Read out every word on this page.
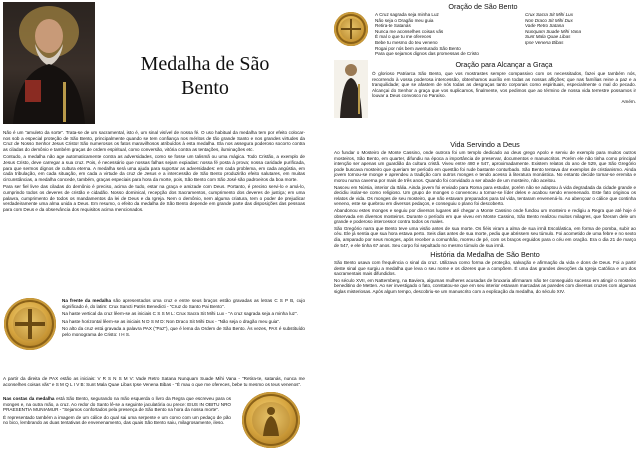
Medalha de São
Bento

Não é um "amuleto da sorte". Trata-se de um sacramental, isto é, um sinal visível de nossa fé. O uso habitual da medalha tem por efeito colocar-nos sob a especial proteção de São Bento, principalmente quando se tem confiança nos méritos de tão grande Santo e nos grandes virtudes da Cruz de Nosso Senhor Jesus Cristo! São numerosos os fatos maravilhosos atribuídos à esta medalha. Ela nos assegura poderoso socorro contra as ciladas do demônio e também graças de ordem espiritual, como conversão, vitória contra as tentações, iluminações etc.

Contudo, a medalha não age automaticamente contra as adversidades, como se fosse um talismã ou uma mágica. Todo Cristão, a exemplo de Jesus Cristo, deve carregar a sua cruz. Pois, é necessário que nossas falhas sejam expiadas: nossa fé posta à prova; nossa caridade purificada, para que sermos dignos de cultura eterna. A medalha será uma ajuda para suportar as adversidades: em cada problema, em cada angústia, em cada tribulação, em cada situação, em cada a virtude da cruz de Jesus e a intercessão de São Bento produzirão efeito salutares, em muitas circunstâncias, a medalha concede, também, graças especiais para hora da morte, pois, São Bento com São José são padroeiros da boa morte.

Para ser fiel livre das ciladas do demônio é preciso, acima de tudo, estar na graça e amizade com Deus. Portanto, é preciso servi-lo e amá-lo, cumprindo todos os deveres de cristão e cidadão. Nosso dominical, recepção dos Sacramentos, cumprimento dos deveres de justiça; em uma palavra, cumprimento de todos os mandamentos da lei de Deus e da Igreja. Nem o demônio, nem alguma criatura, tem o poder de prejudicar verdadeiramente uma alma unida a Deus. Em resumo, o efeito da medalha de São Bento depende em grande parte das disposições das pessoas para com Deus e da observância dos requisitos acima mencionados.

Na frente da medalha são apresentados uma cruz e entre seus braços estão gravadas as letras C S P B, cujo significado é, do latim: Crux Sancti Patris Benedicti - "Cruz do Santo Pai Bento".

Na haste vertical da cruz lêem-se as iniciais C S S M L: Crux Sacra Sit Mihi Lux - "A cruz sagrada seja a minha luz".

Na haste horizontal lêem-se as iniciais N D S M D: Non Draco Sit Mihi Dux - "Não seja o dragão meu guia".

No alto da cruz está gravada a palavra PAX ("Paz"), que é lema da Ordem de São Bento. Às vezes, PAX é substituído pelo monograma de Cristo: I H S.

A partir da direita de PAX estão as iniciais: V R S N S M V: Vade Retro Satana Nunquam Suade Mihi Vana - "Retira-te, satanás, nunca me aconselhes coisas vãs" e S M Q L I V B: Sunt Mala Quae Libas Ipse Venena Bibas - "É mau o que me ofereces, bebe tu mesmo os teus venenos".

Nas costas da medalha está São Bento, segurando na mão esquerda o livro da Regra que escreveu para os monges e, na outra mão, a cruz. Ao redor do Santo lê-se a seguinte jaculatória ou prece: EIUS IN OBITU NRO PRAESENTIA MUNIAMUR - "Sejamos confortados pela presença de São Bento na hora da nossa morte".

É representado também a imagem de um cálice do qual sai uma serpente e um corvo com um pedaço de pão no bico, lembrando as duas tentativas de envenenamento, das quais São Bento saiu, milagrosamente, ileso.

Oração de São Bento

A Cruz sagrada seja minha Luz
Não seja o Dragão meu guia
Retira-te Satanás
Nunca me aconselhes coisas vãs
É mal o que tu me ofereces
Bebe tu mesmo do teu veneno
Rogai por nós bem aventurado São Bento
Para que sejamos dignos das promessas de Cristo
Crux Sacra Sit Mihi Lux
Non Draco Sit Mihi Dux
Vade Retro Satana
Nunquam Suade Mihi Vana
Sunt Mala Quae Libas
Ipse Venena Bibas

Oração para Alcançar a Graça

Ó glorioso Patriarca São Bento, que vos mostrastes sempre compassivo com os necessitados, fazei que também nós, recorrendo à vossa poderosa intercessão, obtenhamos auxílio em todas as nossas aflições; que nas famílias reine a paz e a tranquilidade; que se afastem de nós todas as desgraças tanto corporais como espirituais, especialmente o mal do pecado. Alcançai do Senhor a graça que vos suplicamos, finalmente, vos pedimos que ao término de nossa vida terrestre possamos ir louvar a Deus convosco no Paraíso.

Amém.

Vida Servindo a Deus

Ao fundar o Mosteiro de Monte Cassino, onde outrora foi um templo dedicado ao deus grego Apolo e serviu de exemplo para muitos outros mosteiros, São Bento, em quarter, difundiu na época a importância de preservar, documentos e manuscritos. Porém ele não tinha como principal intenção ser apenas um guardião da cultura cristã. Viveu entre 480 e 547, aproximadamente. Existem relatos do ano de 529, que São Gregório pode buscava mosteiro que queriam ter período em questão foi rude bastante conturbado. São Bento tentava dar exemplos de cristianismo. Ainda jovem tornou-se monge e aprendeu a tradição com outros monges e tendo acesso à literatura monástica. No entanto decide tornar-se eremita e morou numa caverna por mais de três anos. Quando foi convidado a ser abade de um mosteiro, não aceitou.

Nasceu em Núrsia, interior da Itália. Ainda jovem foi enviado para Roma para estudar, porém não se adaptou à vida degradada da cidade grande e decidiu isolar-se como religioso. Um grupo de monges o convenceu a tornar-se líder deles e acabou sendo envenenado. Este fato originou os relatos de vida. Os monges de seu mosteiro, que não estavam preparados para tal vida, tentaram envenená-lo. Ao abençoar o cálice que continha veneno, este se quebrou em diversos pedaços, e conseguiu o plano foi descoberto.

Abandonou estes monges e seguiu por diversos lugares até chegar a Monte Cassino onde fundou um mosteiro e redigiu a Regra que até hoje é observada em diversos mosteiros. Durante o período em que viveu em Monte Cassino, São Bento realizou muitos milagres, que fizeram dele um grande e poderoso intercessor contra todos os males.

São Gregório narra que Bento teve uma visão antes de sua morte. Os fiéis viram a alma de sua irmã Escolástica, em forma de pomba, subir ao céu. Ele já sentia que sua hora estava perto. Seis dias antes de sua morte, pediu que abrissem seu túmulo. Foi acometido de uma febre e no sexto dia, amparado por seus monges, após receber a comunhão, morreu de pé, com os braços erguidos para o céu em oração. Era o dia 21 de março de 547, e ele tinha 67 anos. Seu corpo foi sepultado no mesmo túmulo de sua irmã.

História da Medalha de São Bento

São Bento usava com frequência o sinal da cruz. Utilizava como forma de proteção, salvação e afirmação da vida e dons de Deus. Foi a partir deste sinal que surgiu a medalha que leva o seu nome e os dizeres que a compõem. É uma das grandes devoções da Igreja Católica e um dos sacramentais mais difundidos.

No século XVII, em Natternberg, na Baviera, algumas mulheres acusadas de bruxaria afirmaram não ter conseguido sucesso em atingir o mosteiro beneditino de Metten. Ao ser investigado o fato, constatou-se que em seu interior estavam marcadas as paredes com diversas cruzes com algumas siglas misteriosas. Após algum tempo, descobriu-se um manuscrito com a explicação da medalha, do século XIV.
